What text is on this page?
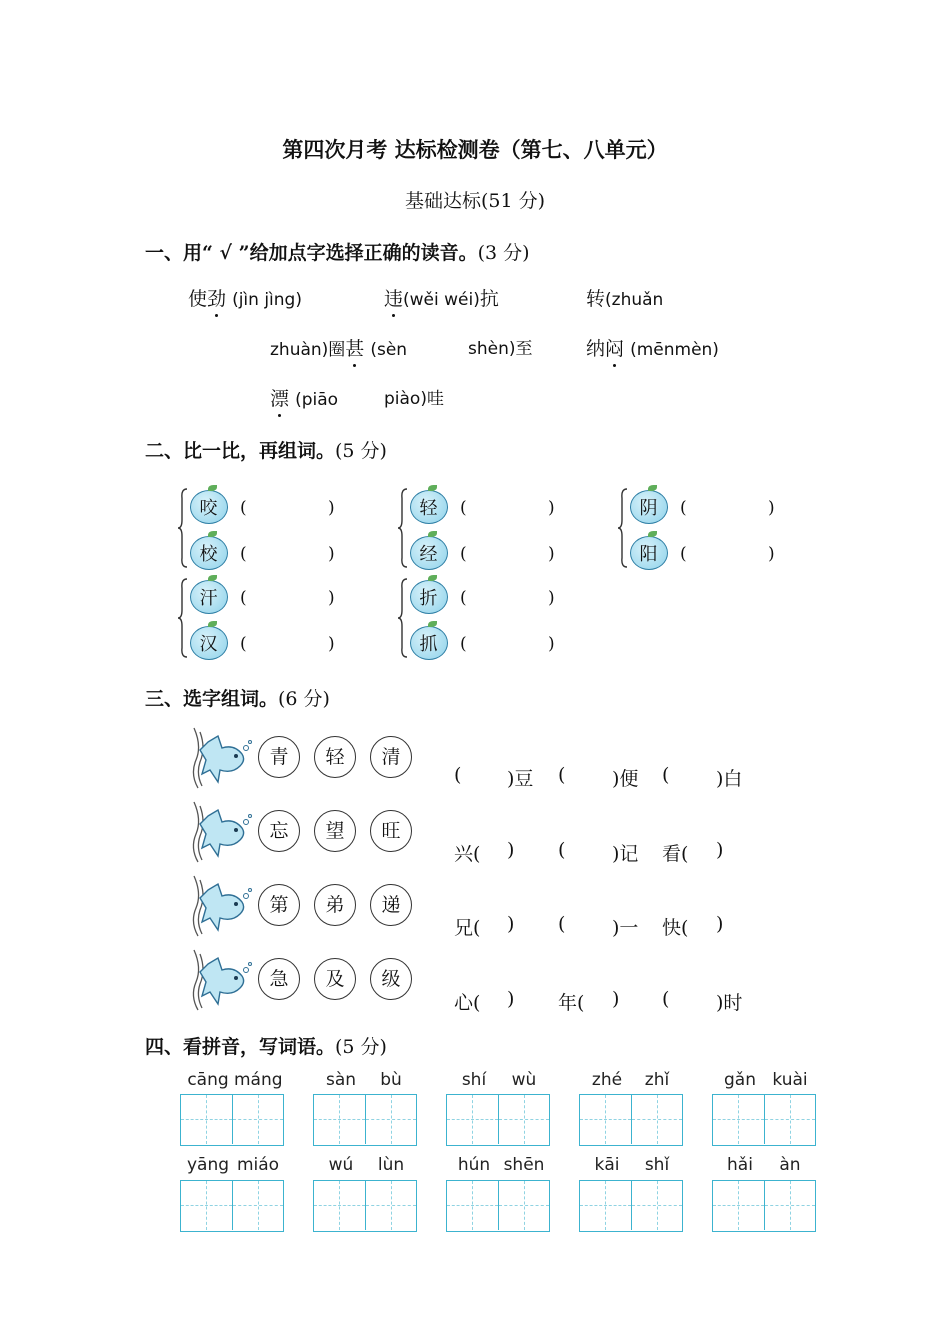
第四次月考 达标检测卷（第七、八单元）
基础达标(51 分)
一、用“ √ ”给加点字选择正确的读音。(3 分)
使劲 (jìn jìng)	违(wěi wéi)抗	转(zhuǎn
zhuàn)圈甚 (sèn	shèn)至	纳闷 (mēnmèn)
漂 (piāo	piào)哇
二、比一比，再组词。(5 分)
咬	(	)
校	(	)
轻	(	)
经	(	)
阴	(	)
阳	(	)
汗	(	)
汉	(	)
折	(	)
抓	(	)
三、选字组词。(6 分)
青	轻	清
( )豆 ( )便 ( )白
忘	望	旺
兴( ) ( )记 看( )
第	弟	递
兄( ) ( )一 快( )
急	及	级
心( ) 年( ) ( )时
四、看拼音，写词语。(5 分)
cāng máng	sàn	bù	shí	wù	zhé	zhǐ	gǎn kuài
yāng miáo	wú	lùn	hún shēn	kāi	shǐ	hǎi	àn
